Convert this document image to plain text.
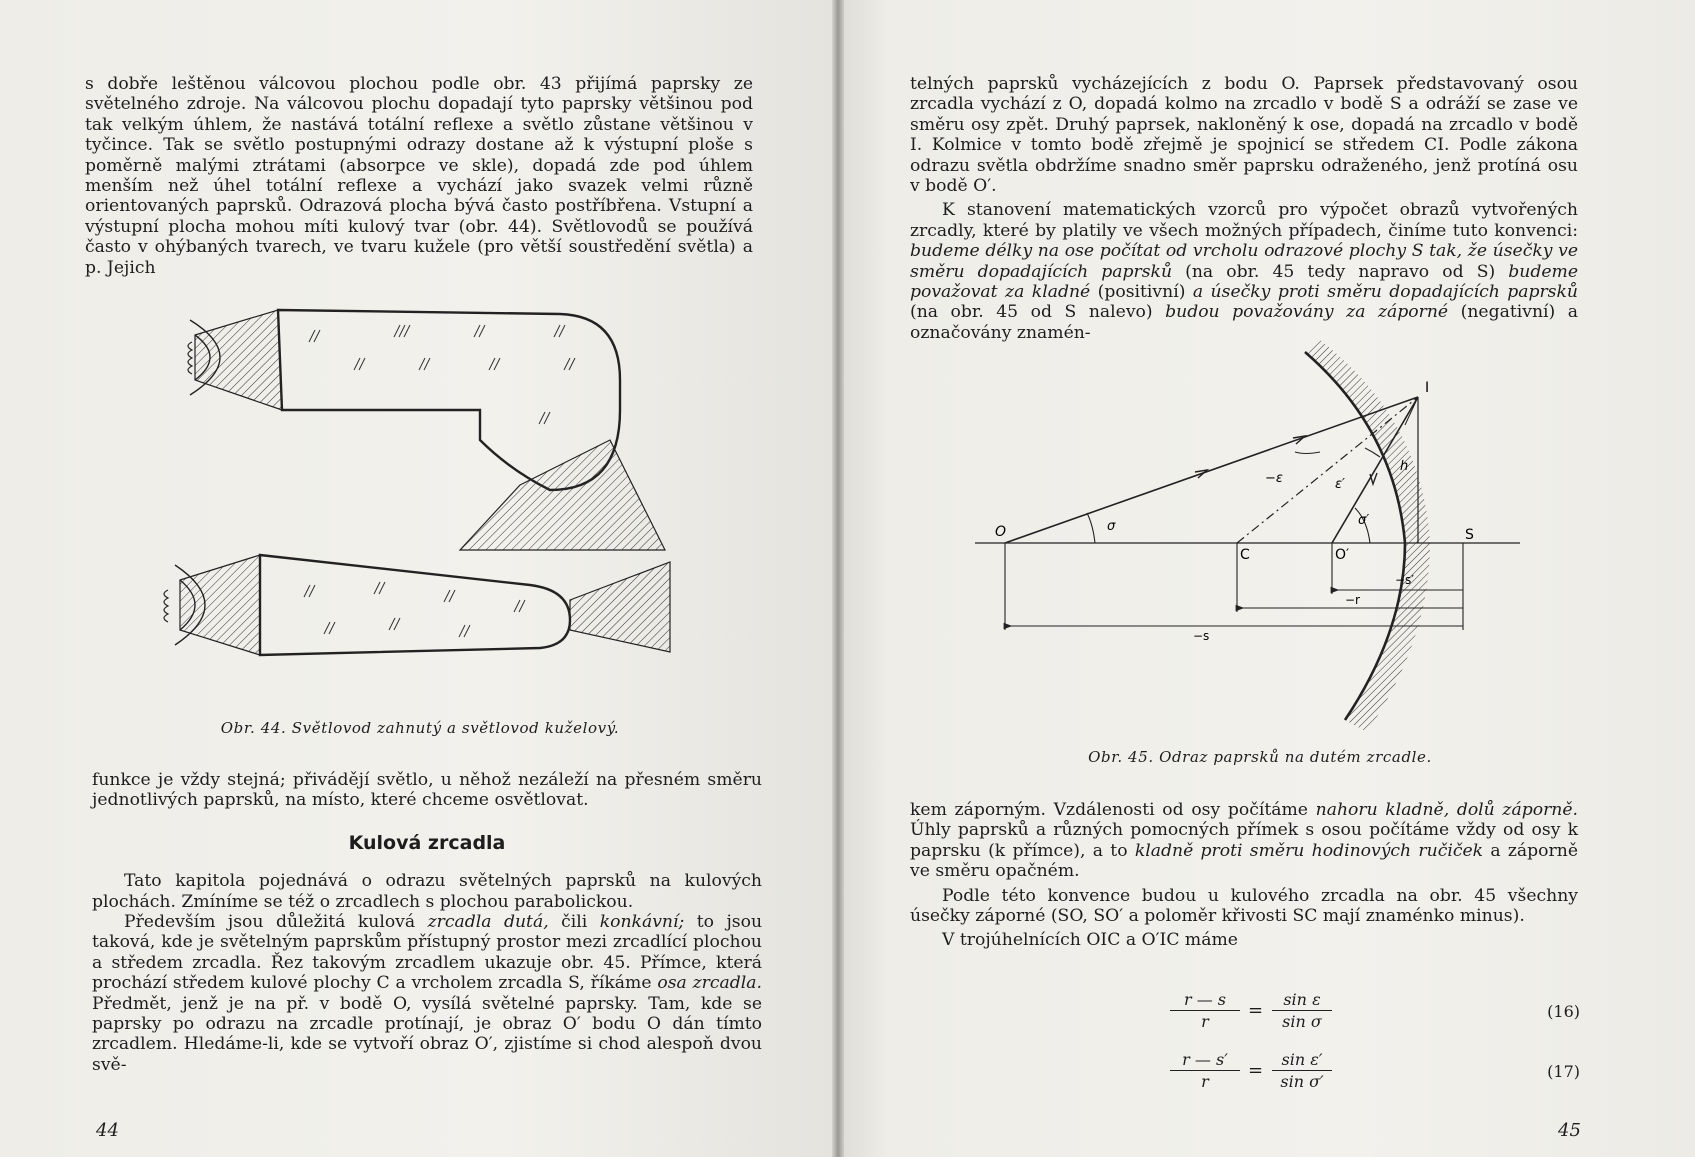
s dobře leštěnou válcovou plochou podle obr. 43 přijímá paprsky ze světelného zdroje. Na válcovou plochu dopadají tyto paprsky většinou pod tak velkým úhlem, že nastává totální reflexe a světlo zůstane většinou v tyčince. Tak se světlo postupnými odrazy dostane až k výstupní ploše s poměrně malými ztrátami (absorpce ve skle), dopadá zde pod úhlem menším než úhel totální reflexe a vychází jako svazek velmi různě orientovaných paprsků. Odrazová plocha bývá často postříbřena. Vstupní a výstupní plocha mohou míti kulový tvar (obr. 44). Světlovodů se používá často v ohýbaných tvarech, ve tvaru kužele (pro větší soustředění světla) a p. Jejich

Obr. 44. Světlovod zahnutý a světlovod kuželový.

funkce je vždy stejná; přivádějí světlo, u něhož nezáleží na přesném směru jednotlivých paprsků, na místo, které chceme osvětlovat.

Kulová zrcadla

Tato kapitola pojednává o odrazu světelných paprsků na kulových plochách. Zmíníme se též o zrcadlech s plochou parabolickou.

Především jsou důležitá kulová zrcadla dutá, čili konkávní; to jsou taková, kde je světelným paprskům přístupný prostor mezi zrcadlící plochou a středem zrcadla. Řez takovým zrcadlem ukazuje obr. 45. Přímce, která prochází středem kulové plochy C a vrcholem zrcadla S, říkáme osa zrcadla. Předmět, jenž je na př. v bodě O, vysílá světelné paprsky. Tam, kde se paprsky po odrazu na zrcadle protínají, je obraz O′ bodu O dán tímto zrcadlem. Hledáme-li, kde se vytvoří obraz O′, zjistíme si chod alespoň dvou svě-

44

telných paprsků vycházejících z bodu O. Paprsek představovaný osou zrcadla vychází z O, dopadá kolmo na zrcadlo v bodě S a odráží se zase ve směru osy zpět. Druhý paprsek, nakloněný k ose, dopadá na zrcadlo v bodě I. Kolmice v tomto bodě zřejmě je spojnicí se středem CI. Podle zákona odrazu světla obdržíme snadno směr paprsku odraženého, jenž protíná osu v bodě O′.

K stanovení matematických vzorců pro výpočet obrazů vytvořených zrcadly, které by platily ve všech možných případech, činíme tuto konvenci: budeme délky na ose počítat od vrcholu odrazové plochy S tak, že úsečky ve směru dopadajících paprsků (na obr. 45 tedy napravo od S) budeme považovat za kladné (positivní) a úsečky proti směru dopadajících paprsků (na obr. 45 od S nalevo) budou považovány za záporné (negativní) a označovány znamén-

O
C	O′
S
I
σ
−ε	ε′
σ′
h
−s′
−r
−s
Obr. 45. Odraz paprsků na dutém zrcadle.

kem záporným. Vzdálenosti od osy počítáme nahoru kladně, dolů záporně. Úhly paprsků a různých pomocných přímek s osou počítáme vždy od osy k paprsku (k přímce), a to kladně proti směru hodinových ručiček a záporně ve směru opačném.

Podle této konvence budou u kulového zrcadla na obr. 45 všechny úsečky záporné (SO, SO′ a poloměr křivosti SC mají znaménko minus).

V trojúhelnících OIC a O′IC máme

$\frac{r — s}{r} = \frac{\text{sin ε}}{\text{sin σ}}$	(16)
$\frac{r — s'}{r} = \frac{\text{sin ε′}}{\text{sin σ′}}$	(17)
45
